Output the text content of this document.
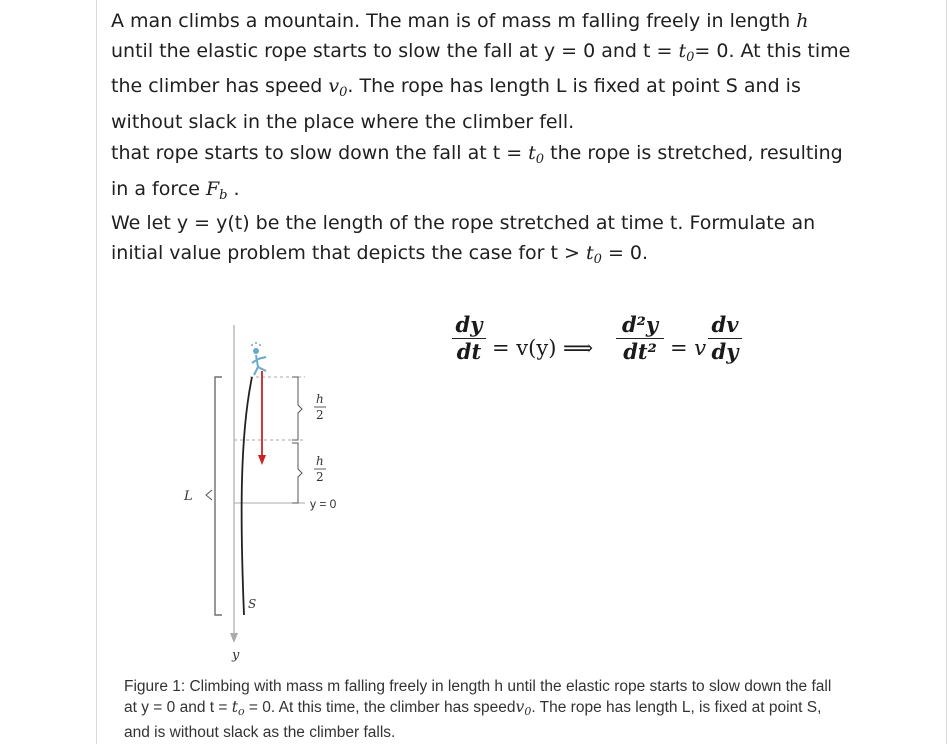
A man climbs a mountain. The man is of mass m falling freely in length h until the elastic rope starts to slow the fall at y = 0 and $t = t_0= 0$. At this time the climber has speed $v_0$. The rope has length L is fixed at point S and is without slack in the place where the climber fell.
that rope starts to slow down the fall at $t = t_0$ the rope is stretched, resulting in a force $F_b$ .
We let y = y(t) be the length of the rope stretched at time t. Formulate an initial value problem that depicts the case for $t > t_0 = 0$.
dy
dt = v(y) ⟹
d²y
dt² = v
dv
dy
y
L
h
2
h
2
y = 0
S
Figure 1: Climbing with mass m falling freely in length h until the elastic rope starts to slow down the fall at y = 0 and t = to = 0. At this time, the climber has speedv0. The rope has length L, is fixed at point S, and is without slack as the climber falls.
